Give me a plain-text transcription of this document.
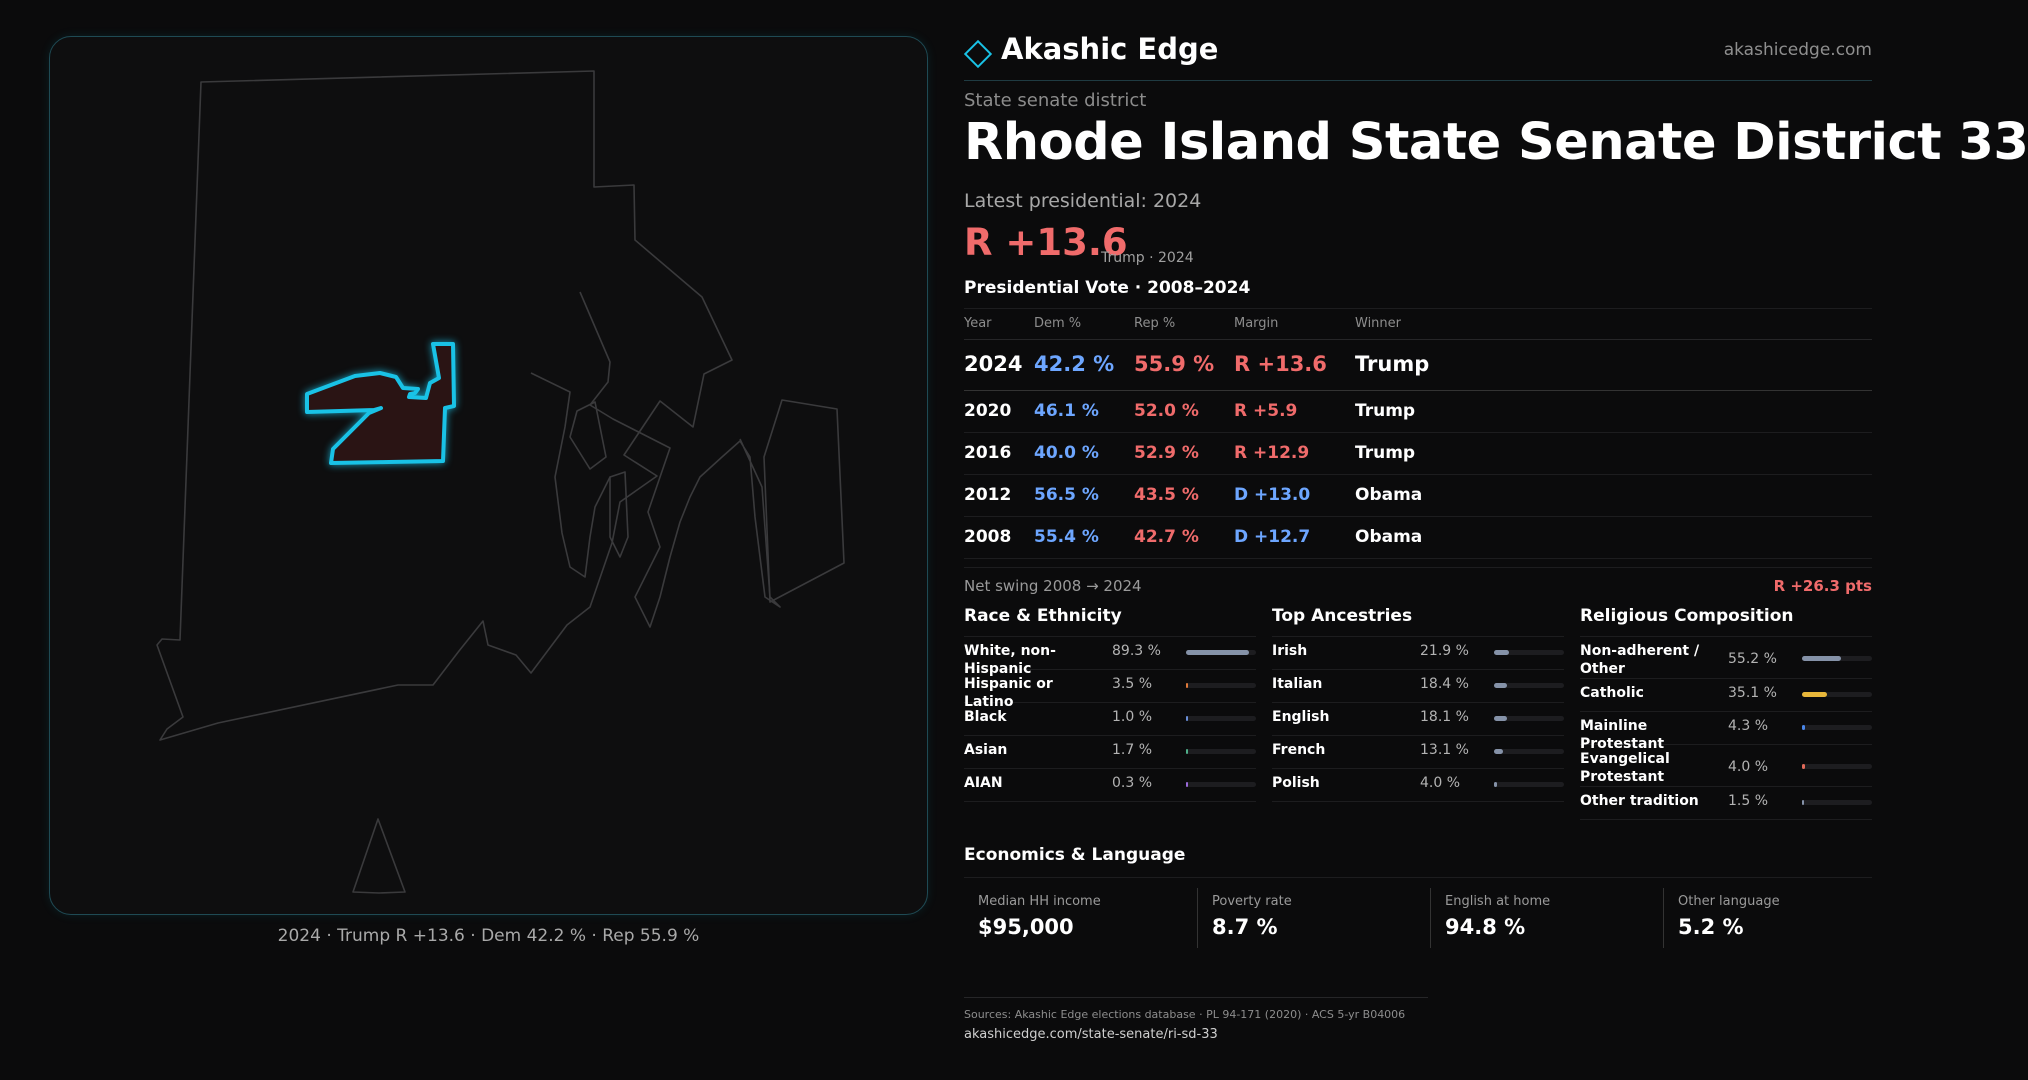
2024 · Trump R +13.6 · Dem 42.2 % · Rep 55.9 %
Akashic Edge	akashicedge.com
State senate district
Rhode Island State Senate District 33
Latest presidential: 2024
R +13.6
Trump · 2024
Presidential Vote · 2008–2024
Year	Dem %	Rep %	Margin	Winner
2024 42.2 % 55.9 % R +13.6 Trump
2020 46.1 % 52.0 % R +5.9	Trump
2016 40.0 % 52.9 % R +12.9	Trump
2012 56.5 % 43.5 % D +13.0	Obama
2008 55.4 % 42.7 % D +12.7	Obama
Net swing 2008 → 2024	R +26.3 pts
Race & Ethnicity
White, non-Hispanic
89.3 %
Hispanic or Latino
3.5 %
Black	1.0 %
Asian	1.7 %
AIAN	0.3 %
Top Ancestries
Irish	21.9 %
Italian	18.4 %
English	18.1 %
French	13.1 %
Polish	4.0 %
Religious Composition
Non-adherent / Other
55.2 %
Catholic	35.1 %
Mainline Protestant
4.3 %
Evangelical Protestant
4.0 %
Other tradition	1.5 %
Economics & Language
Median HH income
$95,000
Poverty rate
8.7 %
English at home
94.8 %
Other language
5.2 %
Sources: Akashic Edge elections database · PL 94-171 (2020) · ACS 5-yr B04006
akashicedge.com/state-senate/ri-sd-33
